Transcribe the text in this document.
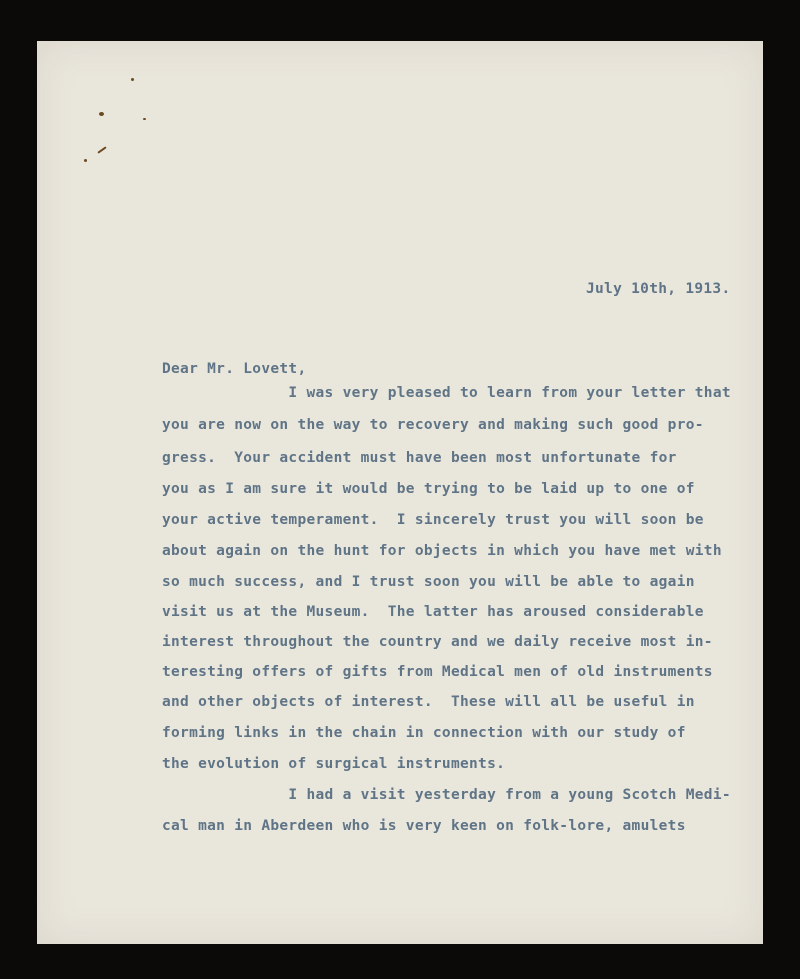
July 10th, 1913.
Dear Mr. Lovett,
I was very pleased to learn from your letter that
you are now on the way to recovery and making such good pro-
gress.  Your accident must have been most unfortunate for
you as I am sure it would be trying to be laid up to one of
your active temperament.  I sincerely trust you will soon be
about again on the hunt for objects in which you have met with
so much success, and I trust soon you will be able to again
visit us at the Museum.  The latter has aroused considerable
interest throughout the country and we daily receive most in-
teresting offers of gifts from Medical men of old instruments
and other objects of interest.  These will all be useful in
forming links in the chain in connection with our study of
the evolution of surgical instruments.
I had a visit yesterday from a young Scotch Medi-
cal man in Aberdeen who is very keen on folk-lore, amulets
